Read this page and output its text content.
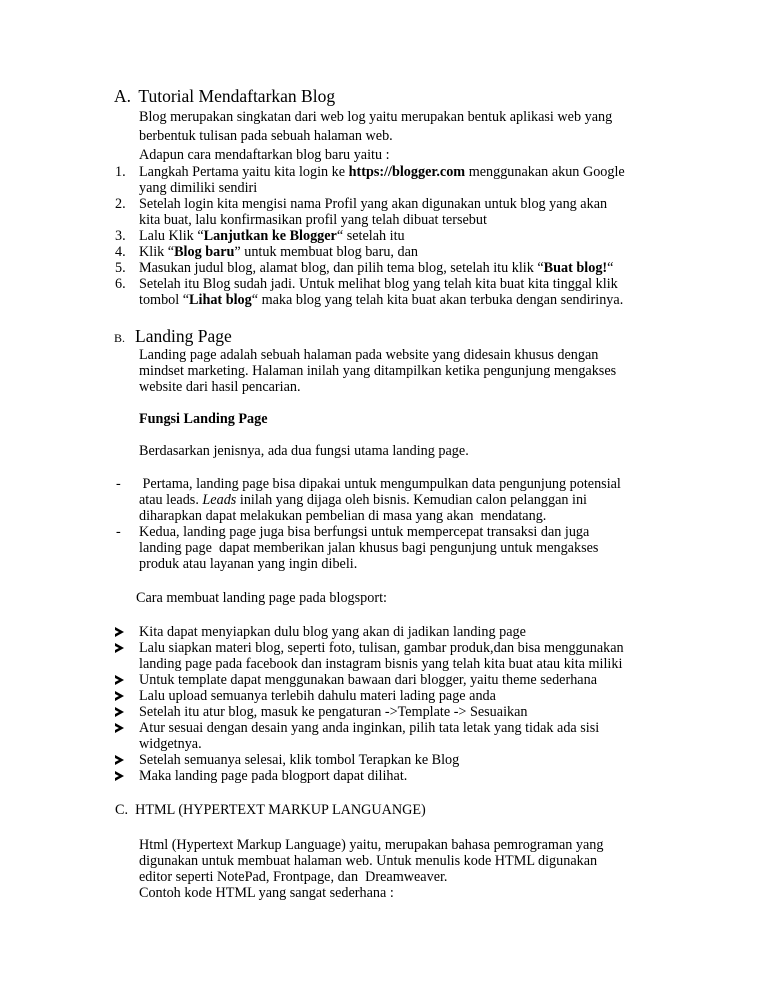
A. Tutorial Mendaftarkan Blog
Blog merupakan singkatan dari web log yaitu merupakan bentuk aplikasi web yang
berbentuk tulisan pada sebuah halaman web.
Adapun cara mendaftarkan blog baru yaitu :
1. Langkah Pertama yaitu kita login ke https://blogger.com menggunakan akun Google
yang dimiliki sendiri
2. Setelah login kita mengisi nama Profil yang akan digunakan untuk blog yang akan
kita buat, lalu konfirmasikan profil yang telah dibuat tersebut
3. Lalu Klik “Lanjutkan ke Blogger“ setelah itu
4. Klik “Blog baru” untuk membuat blog baru, dan
5. Masukan judul blog, alamat blog, dan pilih tema blog, setelah itu klik “Buat blog!“
6. Setelah itu Blog sudah jadi. Untuk melihat blog yang telah kita buat kita tinggal klik
tombol “Lihat blog“ maka blog yang telah kita buat akan terbuka dengan sendirinya.
B. Landing Page
Landing page adalah sebuah halaman pada website yang didesain khusus dengan
mindset marketing. Halaman inilah yang ditampilkan ketika pengunjung mengakses
website dari hasil pencarian.
Fungsi Landing Page
Berdasarkan jenisnya, ada dua fungsi utama landing page.
- Pertama, landing page bisa dipakai untuk mengumpulkan data pengunjung potensial
atau leads. Leads inilah yang dijaga oleh bisnis. Kemudian calon pelanggan ini
diharapkan dapat melakukan pembelian di masa yang akan  mendatang.
- Kedua, landing page juga bisa berfungsi untuk mempercepat transaksi dan juga
landing page  dapat memberikan jalan khusus bagi pengunjung untuk mengakses
produk atau layanan yang ingin dibeli.
Cara membuat landing page pada blogsport:
Kita dapat menyiapkan dulu blog yang akan di jadikan landing page
Lalu siapkan materi blog, seperti foto, tulisan, gambar produk,dan bisa menggunakan
landing page pada facebook dan instagram bisnis yang telah kita buat atau kita miliki
Untuk template dapat menggunakan bawaan dari blogger, yaitu theme sederhana
Lalu upload semuanya terlebih dahulu materi lading page anda
Setelah itu atur blog, masuk ke pengaturan ->Template -> Sesuaikan
Atur sesuai dengan desain yang anda inginkan, pilih tata letak yang tidak ada sisi
widgetnya.
Setelah semuanya selesai, klik tombol Terapkan ke Blog
Maka landing page pada blogport dapat dilihat.
C.  HTML (HYPERTEXT MARKUP LANGUANGE)
Html (Hypertext Markup Language) yaitu, merupakan bahasa pemrograman yang
digunakan untuk membuat halaman web. Untuk menulis kode HTML digunakan
editor seperti NotePad, Frontpage, dan  Dreamweaver.
Contoh kode HTML yang sangat sederhana :
